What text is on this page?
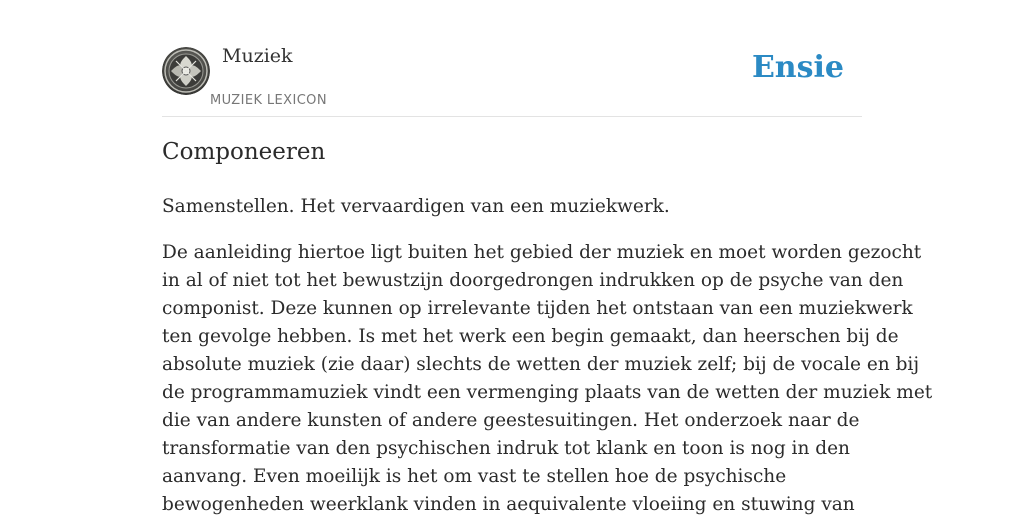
Muziek
MUZIEK LEXICON
Ensie
Componeeren

Samenstellen. Het vervaardigen van een muziekwerk.

De aanleiding hiertoe ligt buiten het gebied der muziek en moet worden gezocht
in al of niet tot het bewustzijn doorgedrongen indrukken op de psyche van den
componist. Deze kunnen op irrelevante tijden het ontstaan van een muziekwerk
ten gevolge hebben. Is met het werk een begin gemaakt, dan heerschen bij de
absolute muziek (zie daar) slechts de wetten der muziek zelf; bij de vocale en bij
de programmamuziek vindt een vermenging plaats van de wetten der muziek met
die van andere kunsten of andere geestesuitingen. Het onderzoek naar de
transformatie van den psychischen indruk tot klank en toon is nog in den
aanvang. Even moeilijk is het om vast te stellen hoe de psychische
bewogenheden weerklank vinden in aequivalente vloeiing en stuwing van
